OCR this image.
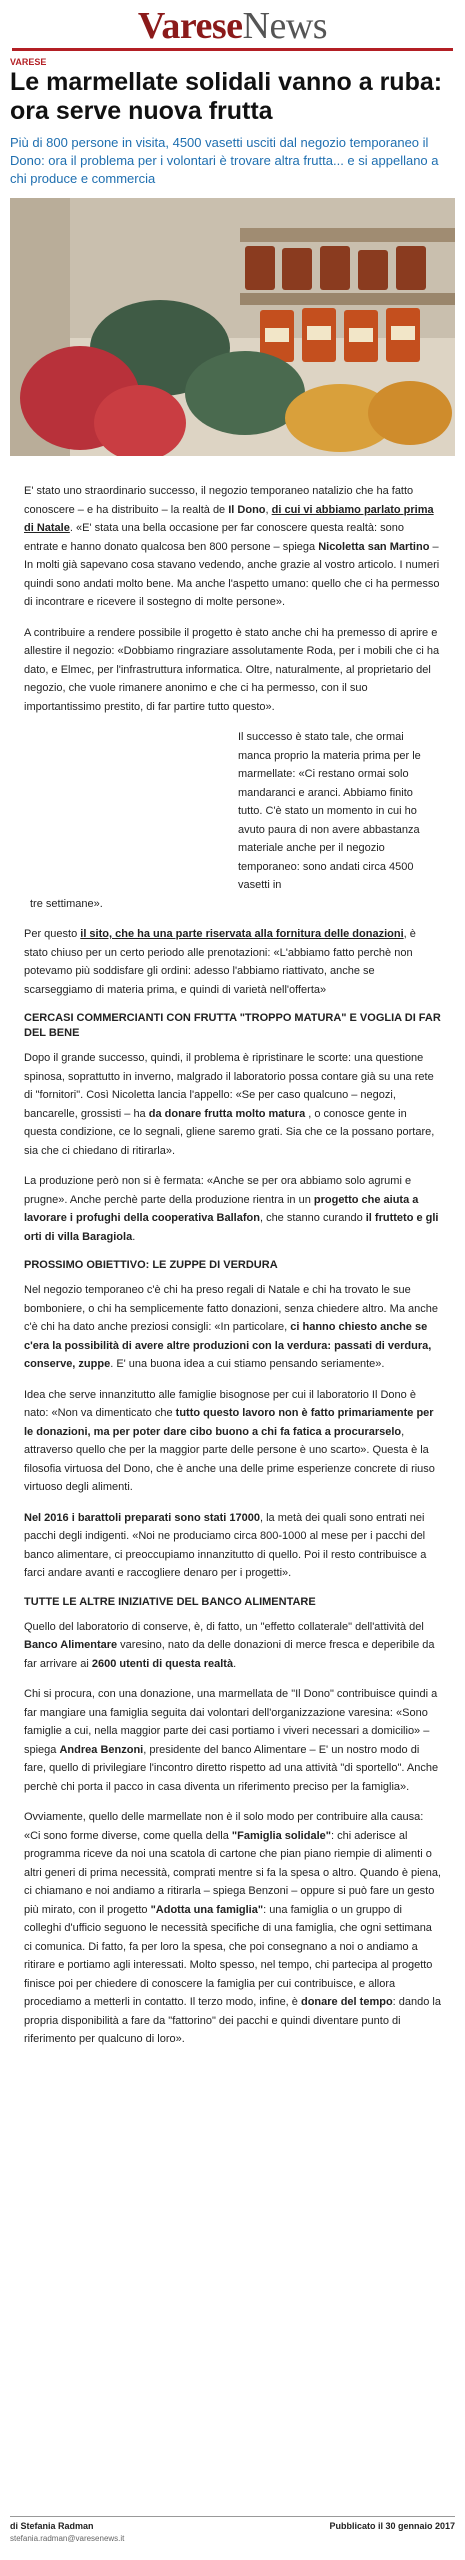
VareseNews
VARESE
Le marmellate solidali vanno a ruba: ora serve nuova frutta
Più di 800 persone in visita, 4500 vasetti usciti dal negozio temporaneo il Dono: ora il problema per i volontari è trovare altra frutta... e si appellano a chi produce e commercia

E' stato uno straordinario successo, il negozio temporaneo natalizio che ha fatto conoscere – e ha distribuito – la realtà de Il Dono, di cui vi abbiamo parlato prima di Natale. «E' stata una bella occasione per far conoscere questa realtà: sono entrate e hanno donato qualcosa ben 800 persone – spiega Nicoletta san Martino – In molti già sapevano cosa stavano vedendo, anche grazie al vostro articolo. I numeri quindi sono andati molto bene. Ma anche l'aspetto umano: quello che ci ha permesso di incontrare e ricevere il sostegno di molte persone».

A contribuire a rendere possibile il progetto è stato anche chi ha premesso di aprire e allestire il negozio: «Dobbiamo ringraziare assolutamente Roda, per i mobili che ci ha dato, e Elmec, per l'infrastruttura informatica. Oltre, naturalmente, al proprietario del negozio, che vuole rimanere anonimo e che ci ha permesso, con il suo importantissimo prestito, di far partire tutto questo».

Il successo è stato tale, che ormai manca proprio la materia prima per le marmellate: «Ci restano ormai solo mandaranci e aranci. Abbiamo finito tutto. C'è stato un momento in cui ho avuto paura di non avere abbastanza materiale anche per il negozio temporaneo: sono andati circa 4500 vasetti in

tre settimane».

Per questo il sito, che ha una parte riservata alla fornitura delle donazioni, è stato chiuso per un certo periodo alle prenotazioni: «L'abbiamo fatto perchè non potevamo più soddisfare gli ordini: adesso l'abbiamo riattivato, anche se scarseggiamo di materia prima, e quindi di varietà nell'offerta»

CERCASI COMMERCIANTI CON FRUTTA "TROPPO MATURA" E VOGLIA DI FAR DEL BENE

Dopo il grande successo, quindi, il problema è ripristinare le scorte: una questione spinosa, soprattutto in inverno, malgrado il laboratorio possa contare già su una rete di "fornitori". Così Nicoletta lancia l'appello: «Se per caso qualcuno – negozi, bancarelle, grossisti – ha da donare frutta molto matura , o conosce gente in questa condizione, ce lo segnali, gliene saremo grati. Sia che ce la possano portare, sia che ci chiedano di ritirarla».

La produzione però non si è fermata: «Anche se per ora abbiamo solo agrumi e prugne». Anche perchè parte della produzione rientra in un progetto che aiuta a lavorare i profughi della cooperativa Ballafon, che stanno curando il frutteto e gli orti di villa Baragiola.

PROSSIMO OBIETTIVO: LE ZUPPE DI VERDURA

Nel negozio temporaneo c'è chi ha preso regali di Natale e chi ha trovato le sue bomboniere, o chi ha semplicemente fatto donazioni, senza chiedere altro. Ma anche c'è chi ha dato anche preziosi consigli: «In particolare, ci hanno chiesto anche se c'era la possibilità di avere altre produzioni con la verdura: passati di verdura, conserve, zuppe. E' una buona idea a cui stiamo pensando seriamente».

Idea che serve innanzitutto alle famiglie bisognose per cui il laboratorio Il Dono è nato: «Non va dimenticato che tutto questo lavoro non è fatto primariamente per le donazioni, ma per poter dare cibo buono a chi fa fatica a procurarselo, attraverso quello che per la maggior parte delle persone è uno scarto». Questa è la filosofia virtuosa del Dono, che è anche una delle prime esperienze concrete di riuso virtuoso degli alimenti.

Nel 2016 i barattoli preparati sono stati 17000, la metà dei quali sono entrati nei pacchi degli indigenti. «Noi ne produciamo circa 800-1000 al mese per i pacchi del banco alimentare, ci preoccupiamo innanzitutto di quello. Poi il resto contribuisce a farci andare avanti e raccogliere denaro per i progetti».

TUTTE LE ALTRE INIZIATIVE DEL BANCO ALIMENTARE

Quello del laboratorio di conserve, è, di fatto, un "effetto collaterale" dell'attività del Banco Alimentare varesino, nato da delle donazioni di merce fresca e deperibile da far arrivare ai 2600 utenti di questa realtà.

Chi si procura, con una donazione, una marmellata de "Il Dono" contribuisce quindi a far mangiare una famiglia seguita dai volontari dell'organizzazione varesina: «Sono famiglie a cui, nella maggior parte dei casi portiamo i viveri necessari a domicilio» – spiega Andrea Benzoni, presidente del banco Alimentare – E' un nostro modo di fare, quello di privilegiare l'incontro diretto rispetto ad una attività "di sportello". Anche perchè chi porta il pacco in casa diventa un riferimento preciso per la famiglia».

Ovviamente, quello delle marmellate non è il solo modo per contribuire alla causa: «Ci sono forme diverse, come quella della "Famiglia solidale": chi aderisce al programma riceve da noi una scatola di cartone che pian piano riempie di alimenti o altri generi di prima necessità, comprati mentre si fa la spesa o altro. Quando è piena, ci chiamano e noi andiamo a ritirarla – spiega Benzoni – oppure si può fare un gesto più mirato, con il progetto "Adotta una famiglia": una famiglia o un gruppo di colleghi d'ufficio seguono le necessità specifiche di una famiglia, che ogni settimana ci comunica. Di fatto, fa per loro la spesa, che poi consegnano a noi o andiamo a ritirare e portiamo agli interessati. Molto spesso, nel tempo, chi partecipa al progetto finisce poi per chiedere di conoscere la famiglia per cui contribuisce, e allora procediamo a metterli in contatto. Il terzo modo, infine, è donare del tempo: dando la propria disponibilità a fare da "fattorino" dei pacchi e quindi diventare punto di riferimento per qualcuno di loro».

di Stefania Radman
stefania.radman@varesenews.it
Pubblicato il 30 gennaio 2017
